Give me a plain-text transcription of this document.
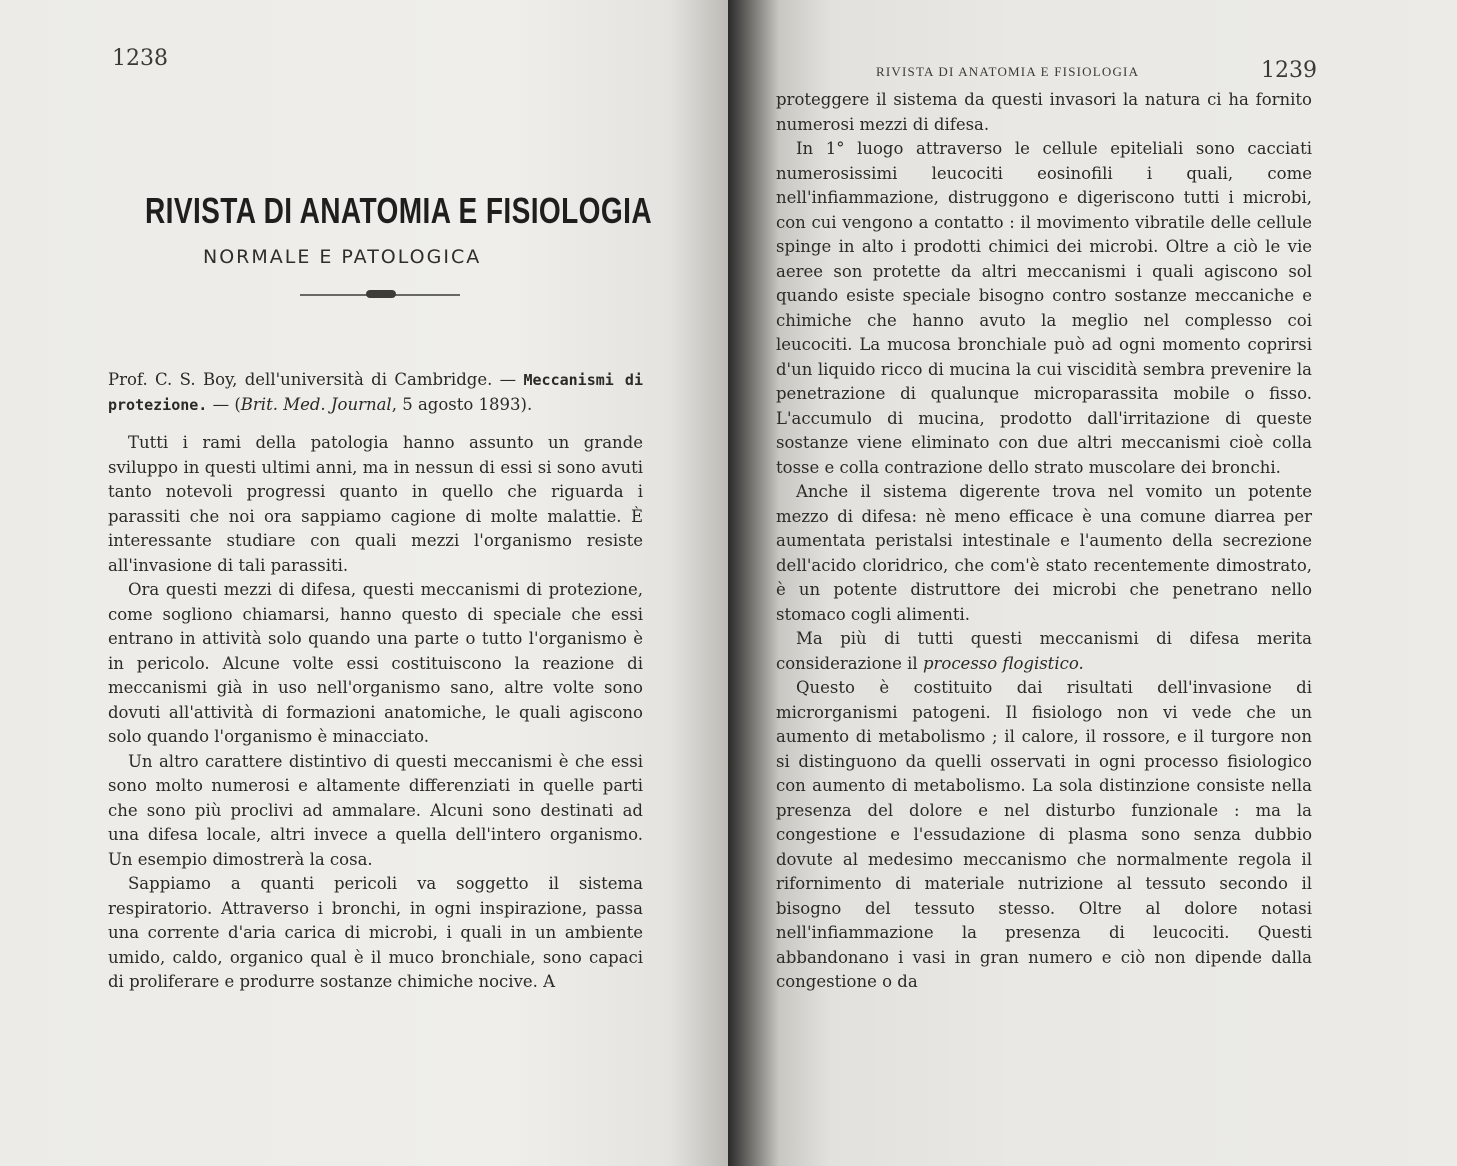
1238
RIVISTA DI ANATOMIA E FISIOLOGIA
NORMALE E PATOLOGICA

Prof. C. S. Boy, dell'università di Cambridge. — Meccanismi di protezione. — (Brit. Med. Journal, 5 agosto 1893).

Tutti i rami della patologia hanno assunto un grande sviluppo in questi ultimi anni, ma in nessun di essi si sono avuti tanto notevoli progressi quanto in quello che riguarda i parassiti che noi ora sappiamo cagione di molte malattie. È interessante studiare con quali mezzi l'organismo resiste all'invasione di tali parassiti.

Ora questi mezzi di difesa, questi meccanismi di protezione, come sogliono chiamarsi, hanno questo di speciale che essi entrano in attività solo quando una parte o tutto l'organismo è in pericolo. Alcune volte essi costituiscono la reazione di meccanismi già in uso nell'organismo sano, altre volte sono dovuti all'attività di formazioni anatomiche, le quali agiscono solo quando l'organismo è minacciato.

Un altro carattere distintivo di questi meccanismi è che essi sono molto numerosi e altamente differenziati in quelle parti che sono più proclivi ad ammalare. Alcuni sono destinati ad una difesa locale, altri invece a quella dell'intero organismo. Un esempio dimostrerà la cosa.

Sappiamo a quanti pericoli va soggetto il sistema respiratorio. Attraverso i bronchi, in ogni inspirazione, passa una corrente d'aria carica di microbi, i quali in un ambiente umido, caldo, organico qual è il muco bronchiale, sono capaci di proliferare e produrre sostanze chimiche nocive. A

RIVISTA DI ANATOMIA E FISIOLOGIA	1239

proteggere il sistema da questi invasori la natura ci ha fornito numerosi mezzi di difesa.

In 1° luogo attraverso le cellule epiteliali sono cacciati numerosissimi leucociti eosinofili i quali, come nell'infiammazione, distruggono e digeriscono tutti i microbi, con cui vengono a contatto : il movimento vibratile delle cellule spinge in alto i prodotti chimici dei microbi. Oltre a ciò le vie aeree son protette da altri meccanismi i quali agiscono sol quando esiste speciale bisogno contro sostanze meccaniche e chimiche che hanno avuto la meglio nel complesso coi leucociti. La mucosa bronchiale può ad ogni momento coprirsi d'un liquido ricco di mucina la cui viscidità sembra prevenire la penetrazione di qualunque microparassita mobile o fisso. L'accumulo di mucina, prodotto dall'irritazione di queste sostanze viene eliminato con due altri meccanismi cioè colla tosse e colla contrazione dello strato muscolare dei bronchi.

Anche il sistema digerente trova nel vomito un potente mezzo di difesa: nè meno efficace è una comune diarrea per aumentata peristalsi intestinale e l'aumento della secrezione dell'acido cloridrico, che com'è stato recentemente dimostrato, è un potente distruttore dei microbi che penetrano nello stomaco cogli alimenti.

Ma più di tutti questi meccanismi di difesa merita considerazione il processo flogistico.

Questo è costituito dai risultati dell'invasione di microrganismi patogeni. Il fisiologo non vi vede che un aumento di metabolismo ; il calore, il rossore, e il turgore non si distinguono da quelli osservati in ogni processo fisiologico con aumento di metabolismo. La sola distinzione consiste nella presenza del dolore e nel disturbo funzionale : ma la congestione e l'essudazione di plasma sono senza dubbio dovute al medesimo meccanismo che normalmente regola il rifornimento di materiale nutrizione al tessuto secondo il bisogno del tessuto stesso. Oltre al dolore notasi nell'infiammazione la presenza di leucociti. Questi abbandonano i vasi in gran numero e ciò non dipende dalla congestione o da
